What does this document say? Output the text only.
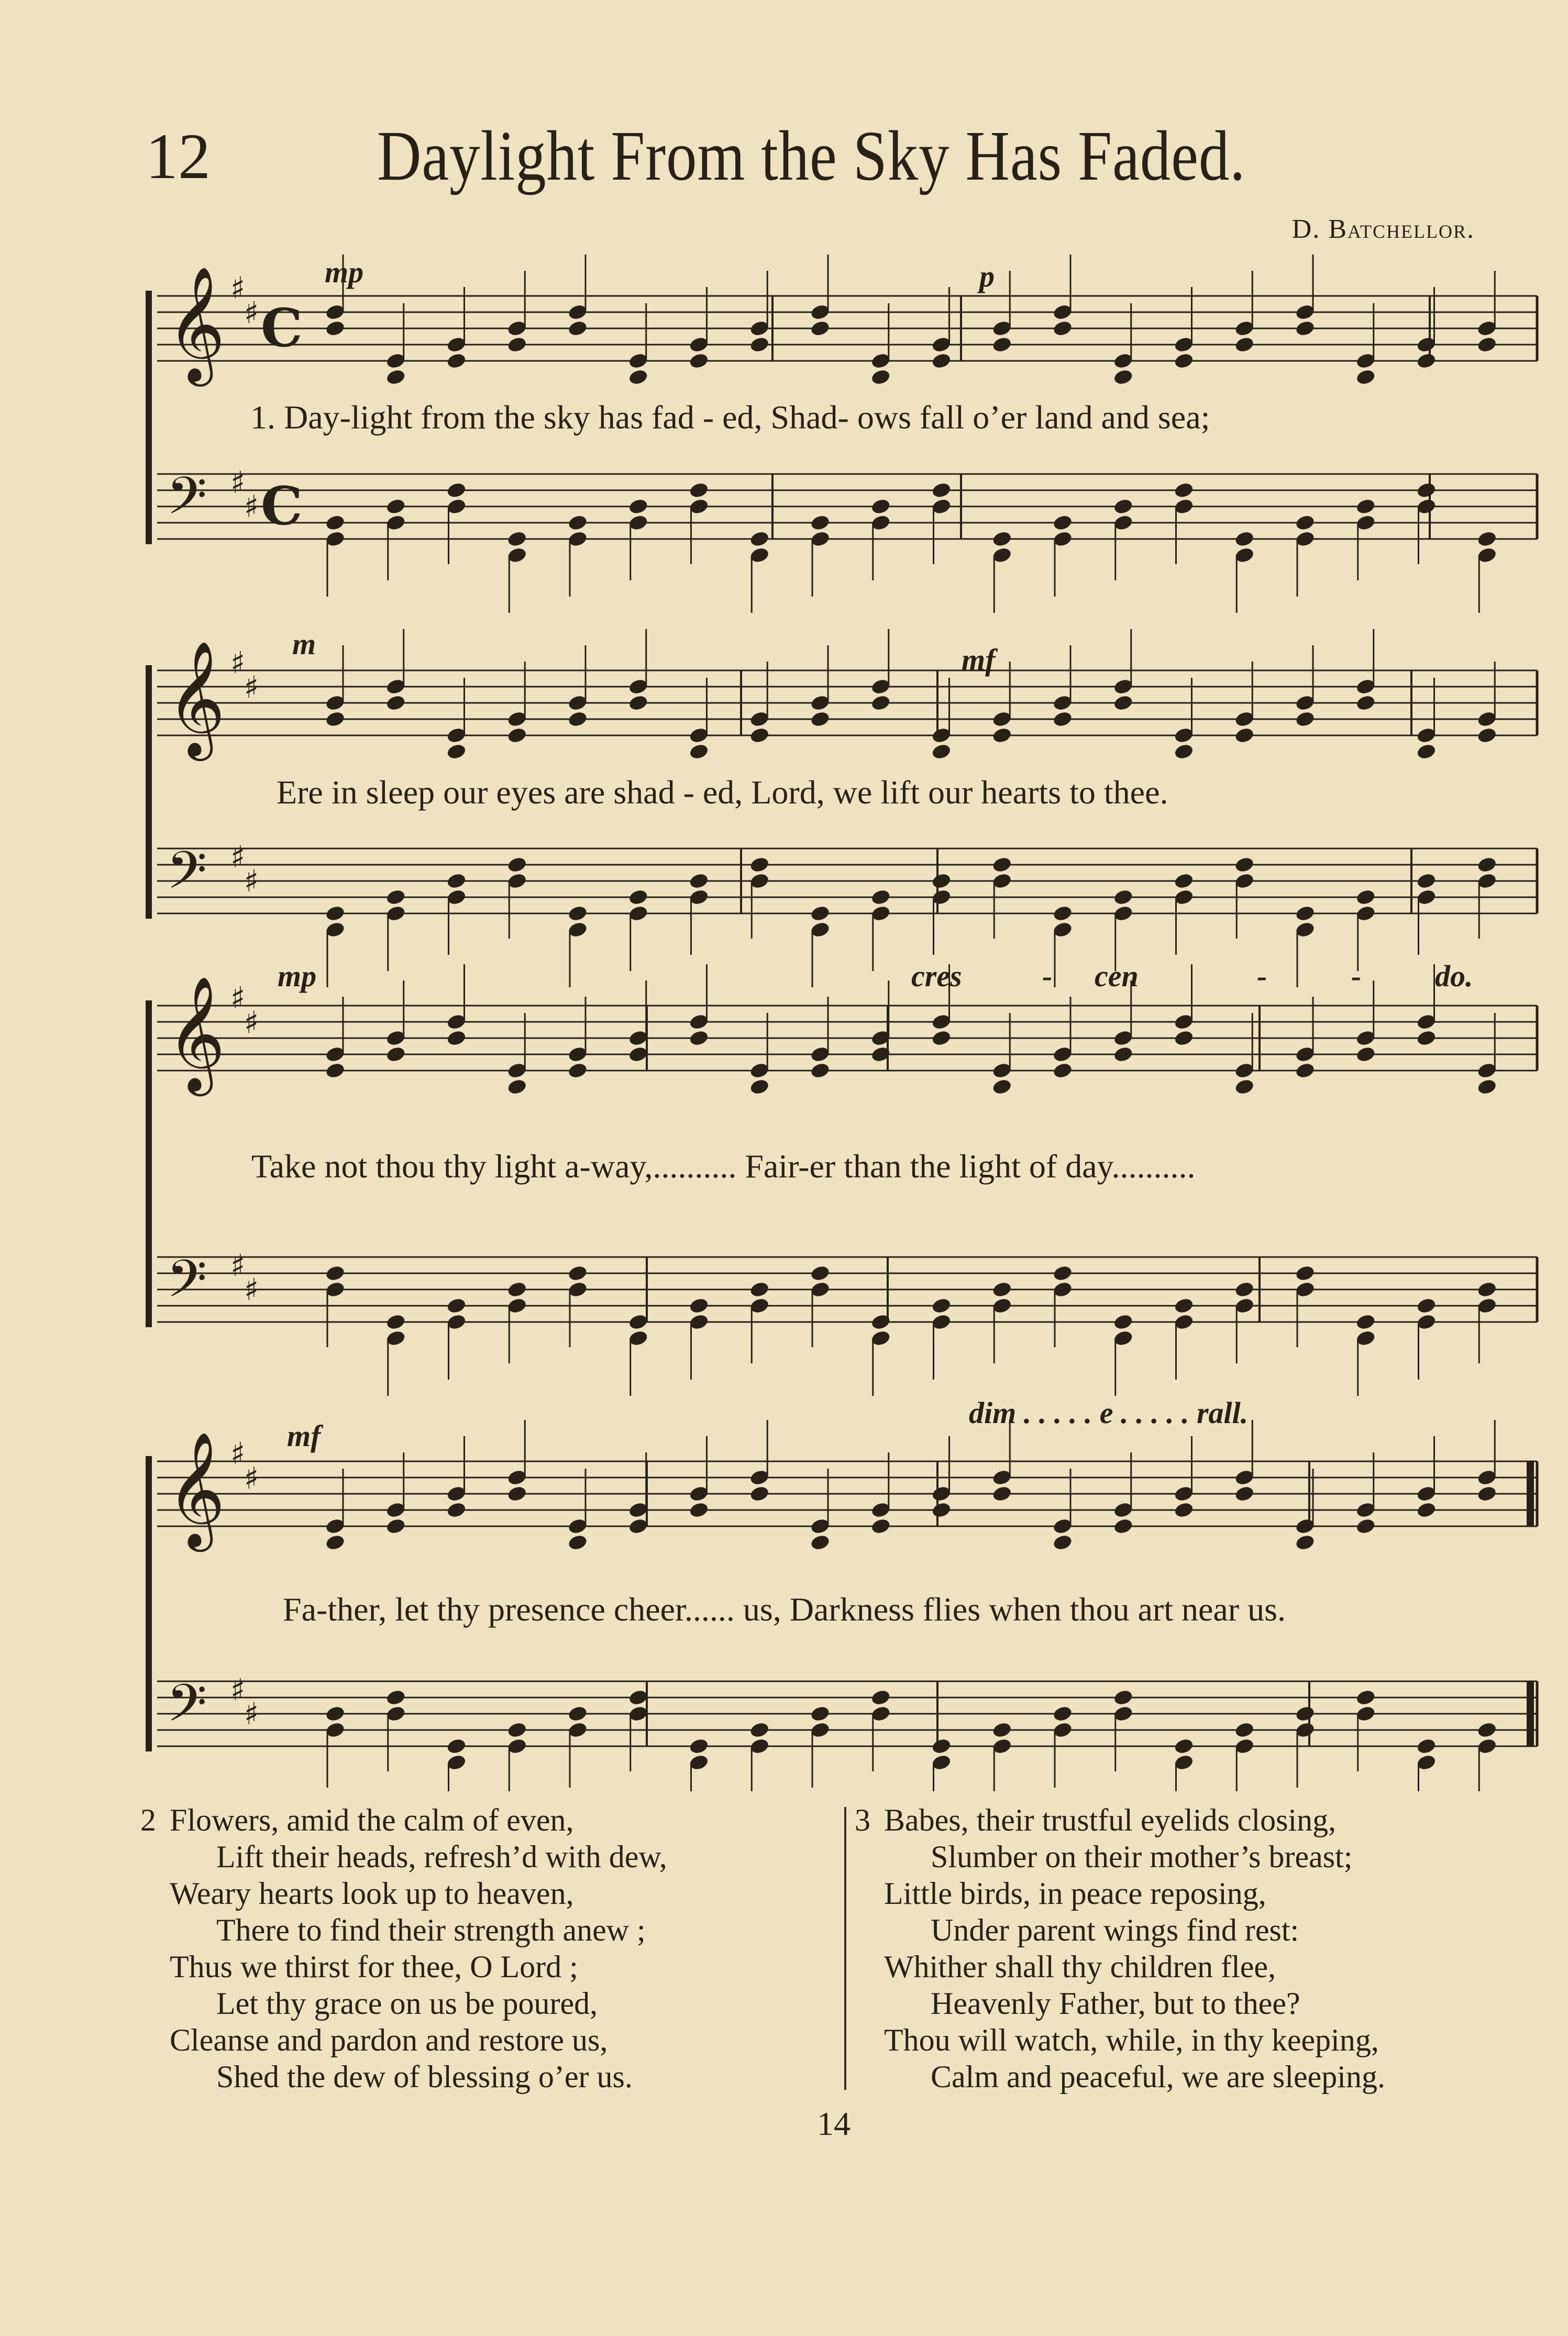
12 Daylight From the Sky Has Faded.
D. Batchellor.
𝄞 ♯
♯ C
𝄢 ♯
♯ C
𝄞 ♯
♯
𝄢 ♯
♯
𝄞 ♯
♯
𝄢 ♯
♯
𝄞 ♯
♯
𝄢 ♯
♯
mp	p
1. Day-light from the sky has fad - ed, Shad- ows fall o’er land and sea;
m	mf
Ere in sleep our eyes are shad - ed, Lord, we lift our hearts to thee.
mp	cres	- cen	-	- do.
Take not thou thy light a-way,.......... Fair-er than the light of day..........
mf
dim . . . . . e . . . . . rall.
Fa-ther, let thy presence cheer...... us, Darkness flies when thou art near us.
2 Flowers, amid the calm of even,
Lift their heads, refresh’d with dew,
Weary hearts look up to heaven,
There to find their strength anew ;
Thus we thirst for thee, O Lord ;
Let thy grace on us be poured,
Cleanse and pardon and restore us,
Shed the dew of blessing o’er us.
3 Babes, their trustful eyelids closing,
Slumber on their mother’s breast;
Little birds, in peace reposing,
Under parent wings find rest:
Whither shall thy children flee,
Heavenly Father, but to thee?
Thou will watch, while, in thy keeping,
Calm and peaceful, we are sleeping.
14
